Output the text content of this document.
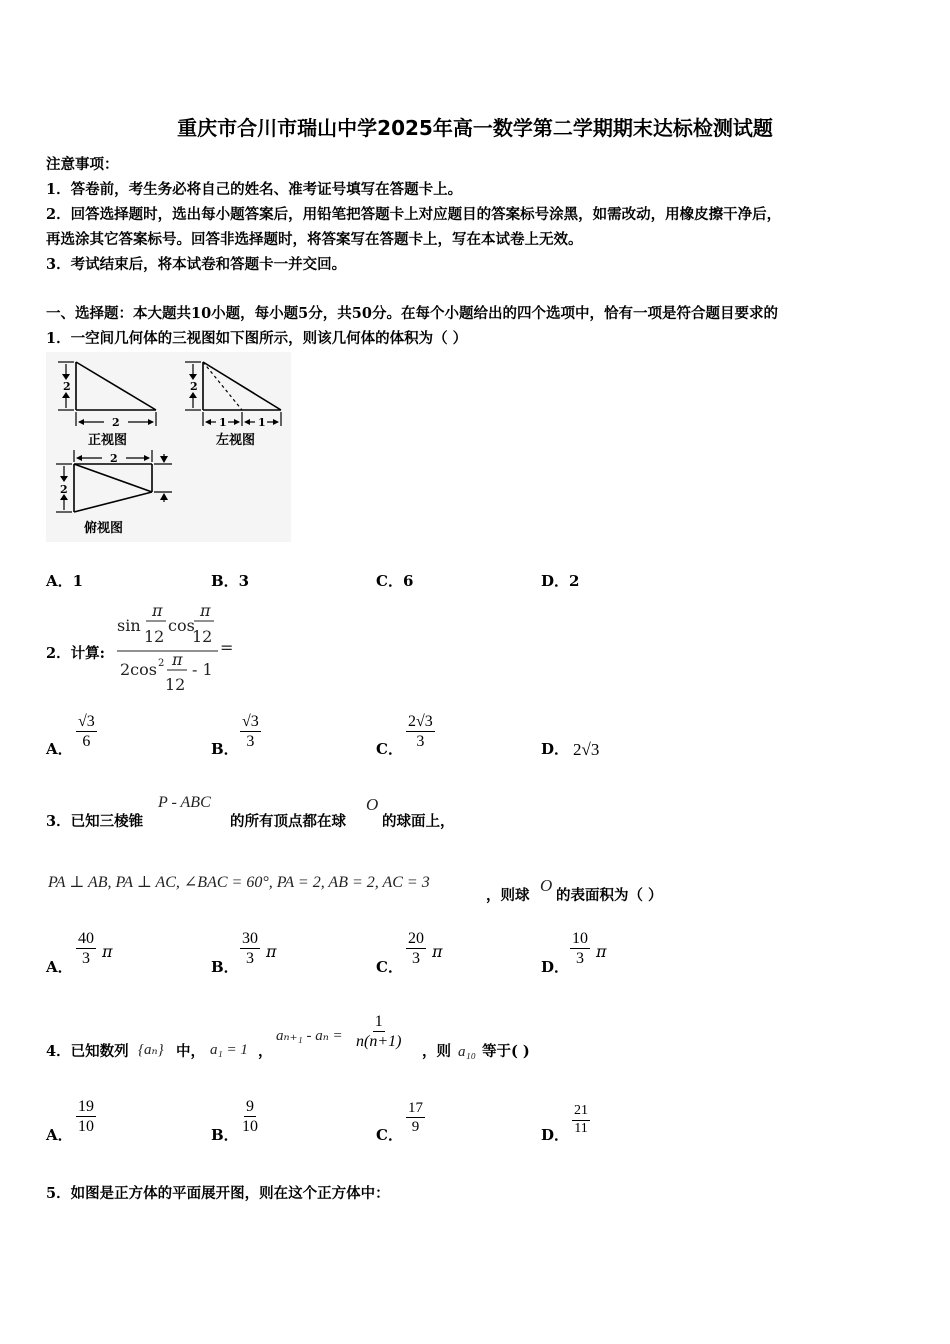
重庆市合川市瑞山中学2025年高一数学第二学期期末达标检测试题
注意事项：
1．答卷前，考生务必将自己的姓名、准考证号填写在答题卡上。
2．回答选择题时，选出每小题答案后，用铅笔把答题卡上对应题目的答案标号涂黑，如需改动，用橡皮擦干净后，
再选涂其它答案标号。回答非选择题时，将答案写在答题卡上，写在本试卷上无效。
3．考试结束后，将本试卷和答题卡一并交回。
一、选择题：本大题共10小题，每小题5分，共50分。在每个小题给出的四个选项中，恰有一项是符合题目要求的
1．一空间几何体的三视图如下图所示，则该几何体的体积为（ ）
2
2
正视图
2
1	1
左视图
2
2
俯视图
A．1	B．3	C．6	D．2
2．计算:
sin
π
12
cos
π
12
2cos 2 π
12
- 1
=
A． $\frac{√3}{6}$	B． $\frac{√3}{3}$	C． $\frac{2√3}{3}$	D． 2√3
3．已知三棱锥
P - ABC
的所有顶点都在球
O
的球面上，
PA ⊥ AB, PA ⊥ AC, ∠BAC = 60°, PA = 2, AB = 2, AC = 3
，则球
O
的表面积为（ ）
A． $\frac{40}{3}$ π
B． $\frac{30}{3}$ π
C． $\frac{20}{3}$ π
D． $\frac{10}{3}$ π
4．已知数列 {aₙ} 中， a₁ = 1 ，
$a_{n+1} - a_n = \frac{1}{n(n+1)}$
，则 a₁₀ 等于( )
A． $\frac{19}{10}$	B． $\frac{9}{10}$	C． $\frac{17}{9}$	D． $\frac{21}{11}$
5．如图是正方体的平面展开图，则在这个正方体中：
